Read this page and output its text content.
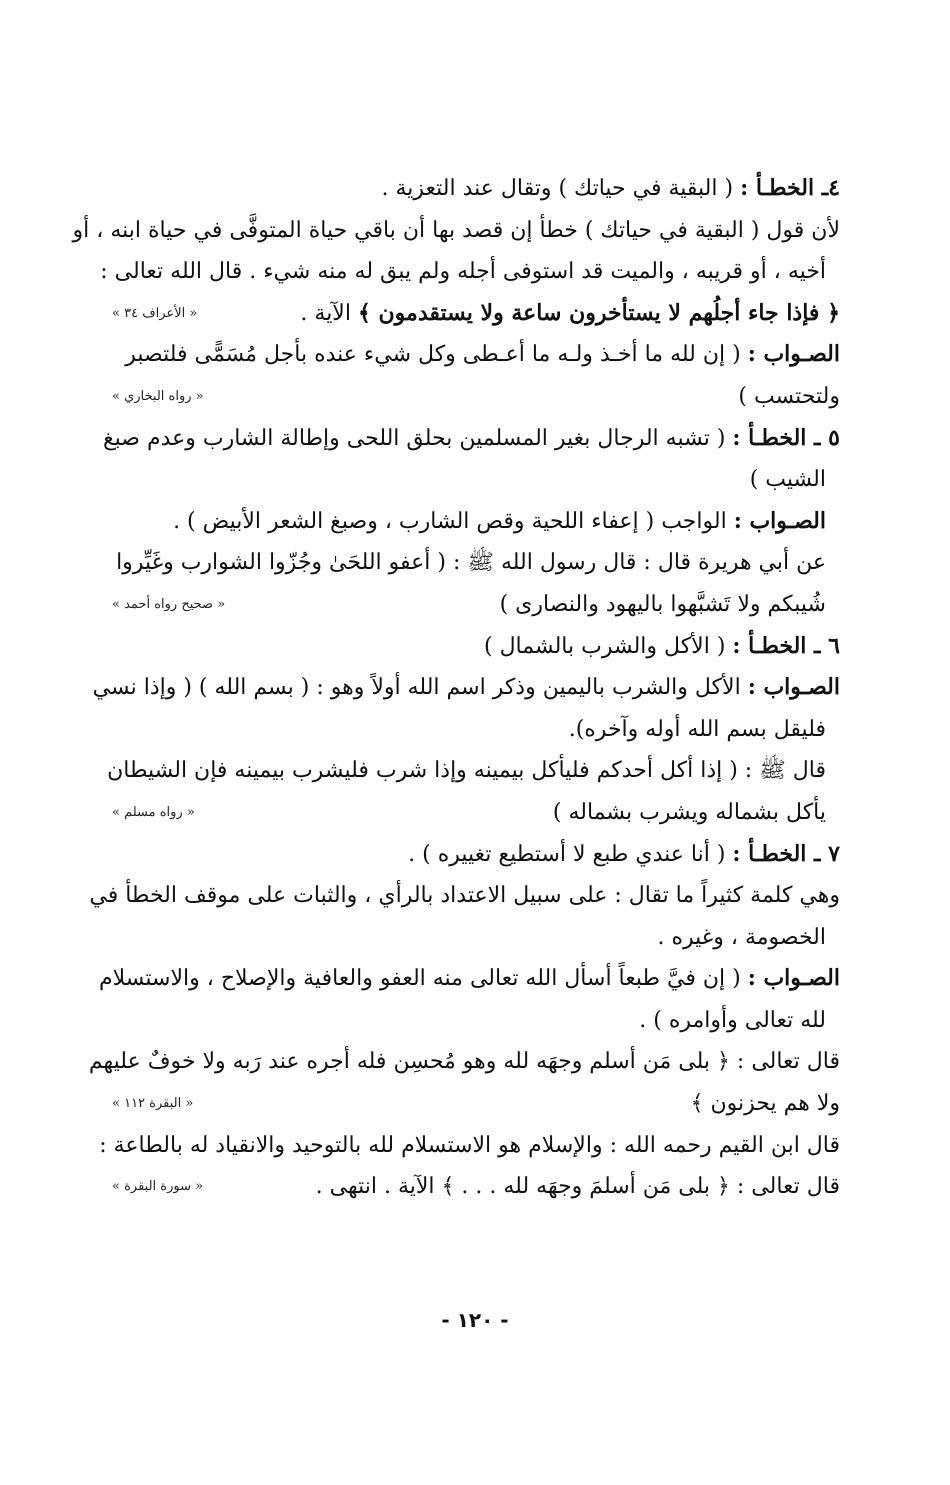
٤ـ الخطـأ : ( البقية في حياتك ) وتقال عند التعزية .
لأن قول ( البقية في حياتك ) خطأ إن قصد بها أن باقي حياة المتوفَّى في حياة ابنه ، أو
أخيه ، أو قريبه ، والميت قد استوفى أجله ولم يبق له منه شيء . قال الله تعالى :
﴿ فإذا جاء أجلُهم لا يستأخرون ساعة ولا يستقدمون ﴾ الآية .
« الأعراف ٣٤ »
الصـواب : ( إن لله ما أخـذ ولـه ما أعـطى وكل شيء عنده بأجل مُسَمًّى فلتصبر
ولتحتسب )
« رواه البخاري »
٥ ـ الخطـأ : ( تشبه الرجال بغير المسلمين بحلق اللحى وإطالة الشارب وعدم صبغ
الشيب )
الصـواب : الواجب ( إعفاء اللحية وقص الشارب ، وصبغ الشعر الأبيض ) .
عن أبي هريرة قال : قال رسول الله ﷺ : ( أعفو اللحَىٰ وجُزّوا الشوارب وغَيِّروا
شُيبكم ولا تَشبَّهوا باليهود والنصارى )
« صحيح رواه أحمد »
٦ ـ الخطـأ : ( الأكل والشرب بالشمال )
الصـواب : الأكل والشرب باليمين وذكر اسم الله أولاً وهو : ( بسم الله ) ( وإذا نسي
فليقل بسم الله أوله وآخره).
قال ﷺ : ( إذا أكل أحدكم فليأكل بيمينه وإذا شرب فليشرب بيمينه فإن الشيطان
يأكل بشماله ويشرب بشماله )
« رواه مسلم »
٧ ـ الخطـأ : ( أنا عندي طبع لا أستطيع تغييره ) .
وهي كلمة كثيراً ما تقال : على سبيل الاعتداد بالرأي ، والثبات على موقف الخطأ في
الخصومة ، وغيره .
الصـواب : ( إن فيَّ طبعاً أسأل الله تعالى منه العفو والعافية والإصلاح ، والاستسلام
لله تعالى وأوامره ) .
قال تعالى : ﴿ بلى مَن أسلم وجهَه لله وهو مُحسِن فله أجره عند رَبه ولا خوفٌ عليهم
ولا هم يحزنون ﴾
« البقرة ١١٢ »
قال ابن القيم رحمه الله : والإسلام هو الاستسلام لله بالتوحيد والانقياد له بالطاعة :
قال تعالى : ﴿ بلى مَن أسلمَ وجهَه لله . . . ﴾ الآية . انتهى .
« سورة البقرة »
- ١٢٠ -
